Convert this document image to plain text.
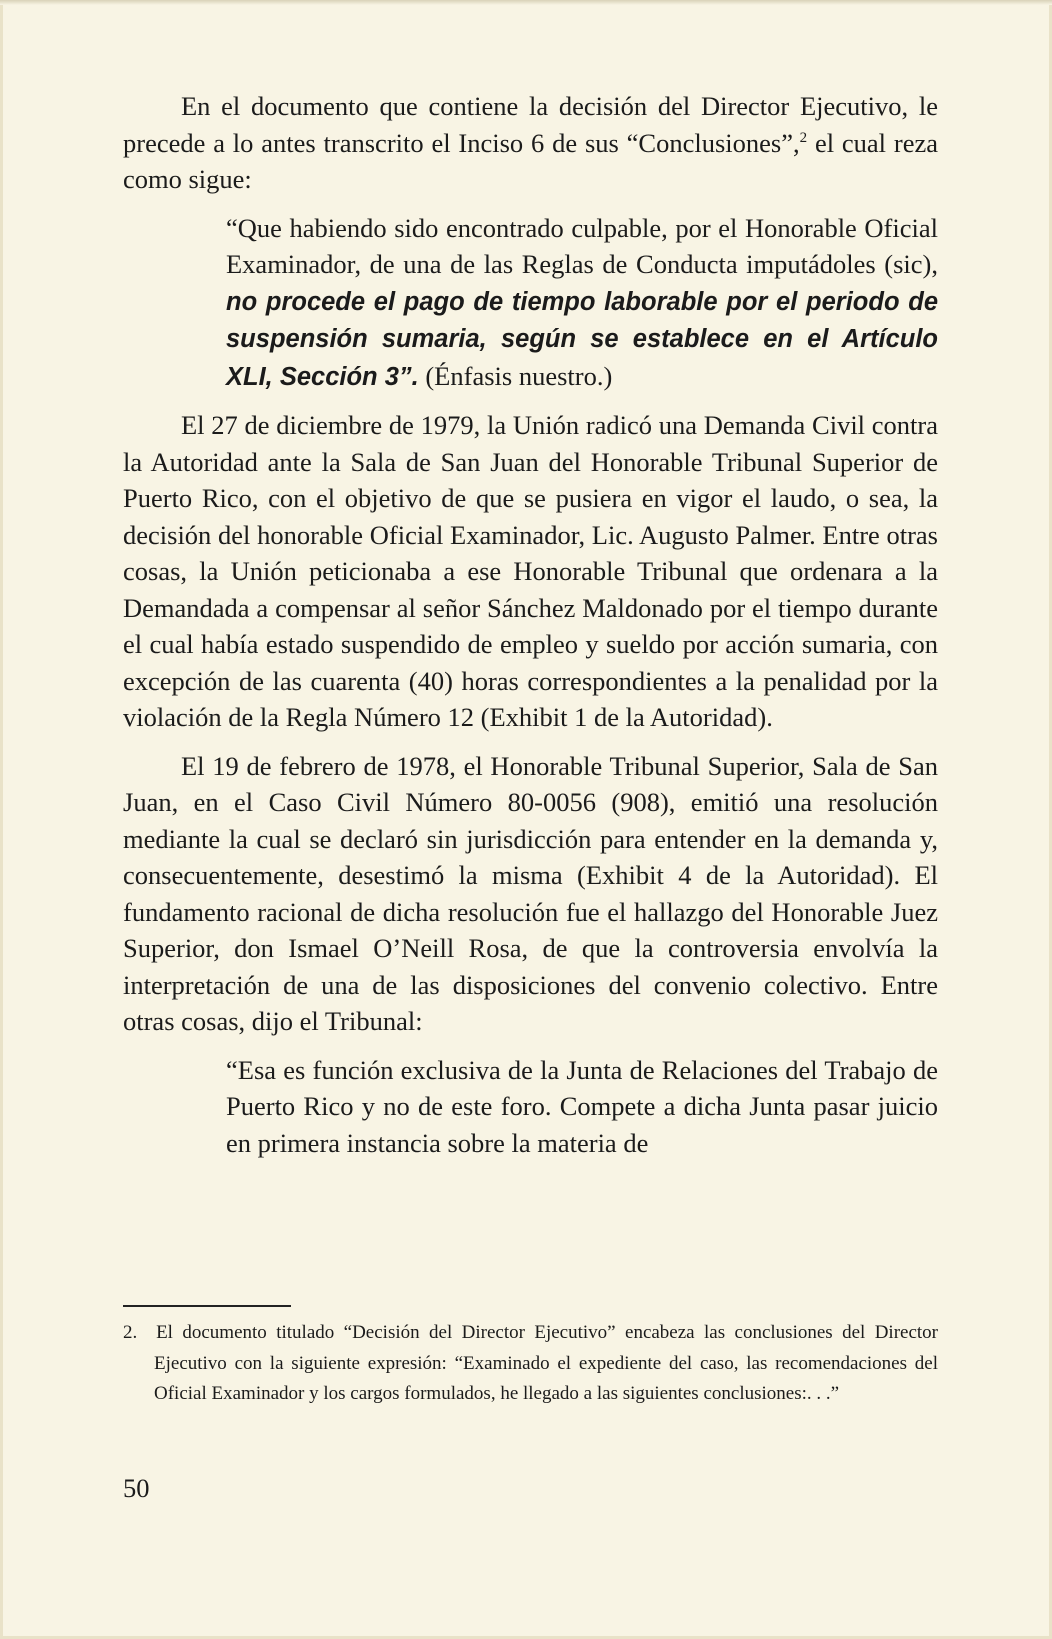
En el documento que contiene la decisión del Director Ejecutivo, le precede a lo antes transcrito el Inciso 6 de sus “Conclusiones”,$^2$ el cual reza como sigue:

“Que habiendo sido encontrado culpable, por el Honorable Oficial Examinador, de una de las Reglas de Conducta imputádoles (sic), no procede el pago de tiempo laborable por el periodo de suspensión sumaria, según se establece en el Artículo XLI, Sección 3”. (Énfasis nuestro.)

El 27 de diciembre de 1979, la Unión radicó una Demanda Civil contra la Autoridad ante la Sala de San Juan del Honorable Tribunal Superior de Puerto Rico, con el objetivo de que se pusiera en vigor el laudo, o sea, la decisión del honorable Oficial Examinador, Lic. Augusto Palmer. Entre otras cosas, la Unión peticionaba a ese Honorable Tribunal que ordenara a la Demandada a compensar al señor Sánchez Maldonado por el tiempo durante el cual había estado suspendido de empleo y sueldo por acción sumaria, con excepción de las cuarenta (40) horas correspondientes a la penalidad por la violación de la Regla Número 12 (Exhibit 1 de la Autoridad).

El 19 de febrero de 1978, el Honorable Tribunal Superior, Sala de San Juan, en el Caso Civil Número 80-0056 (908), emitió una resolución mediante la cual se declaró sin jurisdicción para entender en la demanda y, consecuentemente, desestimó la misma (Exhibit 4 de la Autoridad). El fundamento racional de dicha resolución fue el hallazgo del Honorable Juez Superior, don Ismael O’Neill Rosa, de que la controversia envolvía la interpretación de una de las disposiciones del convenio colectivo. Entre otras cosas, dijo el Tribunal:

“Esa es función exclusiva de la Junta de Relaciones del Trabajo de Puerto Rico y no de este foro. Compete a dicha Junta pasar juicio en primera instancia sobre la materia de

2. El documento titulado “Decisión del Director Ejecutivo” encabeza las conclusiones del Director Ejecutivo con la siguiente expresión: “Examinado el expediente del caso, las recomendaciones del Oficial Examinador y los cargos formulados, he llegado a las siguientes conclusiones:. . .”
50
